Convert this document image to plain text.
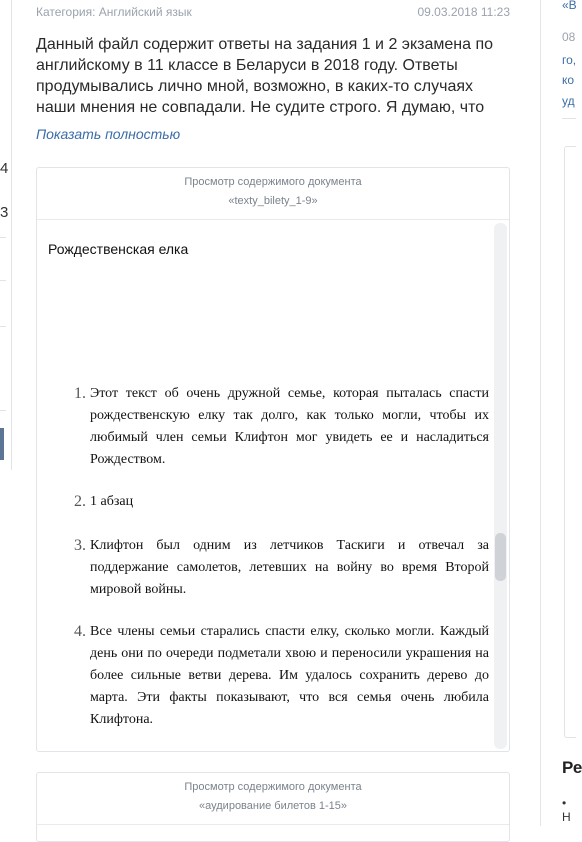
4
3
Категория: Английский язык	09.03.2018 11:23
Данный файл содержит ответы на задания 1 и 2 экзамена по
английскому в 11 классе в Беларуси в 2018 году. Ответы
продумывались лично мной, возможно, в каких-то случаях
наши мнения не совпадали. Не судите строго. Я думаю, что
Показать полностью
Просмотр содержимого документа
«texty_bilety_1-9»
Рождественская елка
1. Этот текст об очень дружной семье, которая пыталась спасти рождественскую елку так долго, как только могли, чтобы их любимый член семьи Клифтон мог увидеть ее и насладиться Рождеством.
2. 1 абзац
3. Клифтон был одним из летчиков Таскиги и отвечал за поддержание самолетов, летевших на войну во время Второй мировой войны.
4. Все члены семьи старались спасти елку, сколько могли. Каждый день они по очереди подметали хвою и переносили украшения на более сильные ветви дерева. Им удалось сохранить дерево до марта. Эти факты показывают, что вся семья очень любила Клифтона.
Просмотр содержимого документа
«аудирование билетов 1-15»
«В
08
го,
ко
уд
Ре
• Н
